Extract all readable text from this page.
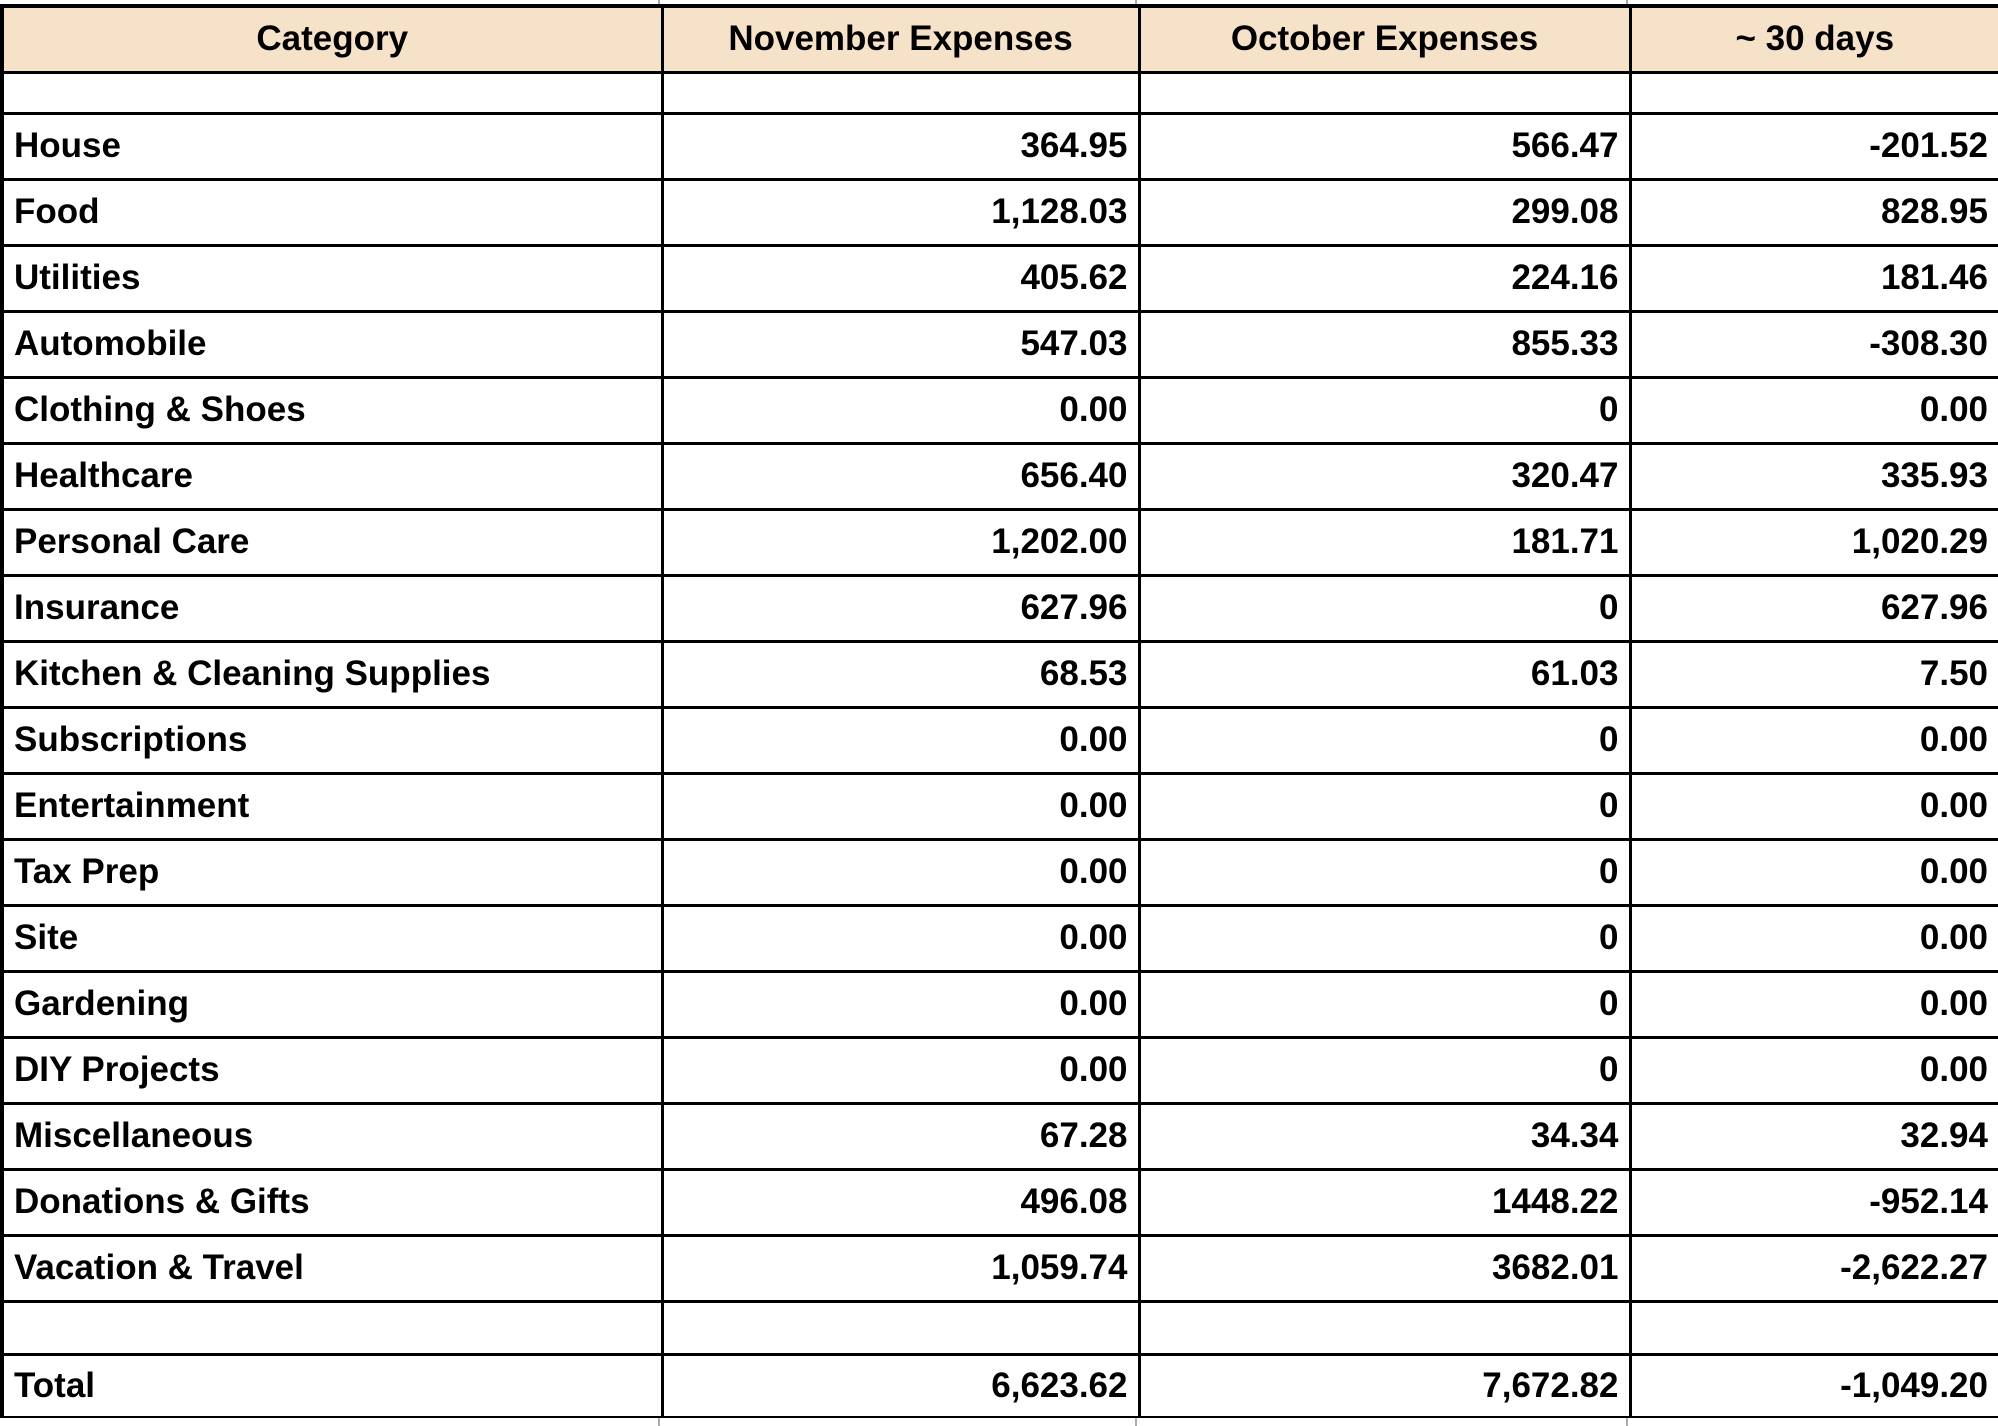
Category	November Expenses	October Expenses	~ 30 days

House	364.95	566.47	-201.52
Food	1,128.03	299.08	828.95
Utilities	405.62	224.16	181.46
Automobile	547.03	855.33	-308.30
Clothing & Shoes	0.00	0	0.00
Healthcare	656.40	320.47	335.93
Personal Care	1,202.00	181.71	1,020.29
Insurance	627.96	0	627.96
Kitchen & Cleaning Supplies	68.53	61.03	7.50
Subscriptions	0.00	0	0.00
Entertainment	0.00	0	0.00
Tax Prep	0.00	0	0.00
Site	0.00	0	0.00
Gardening	0.00	0	0.00
DIY Projects	0.00	0	0.00
Miscellaneous	67.28	34.34	32.94
Donations & Gifts	496.08	1448.22	-952.14
Vacation & Travel	1,059.74	3682.01	-2,622.27

Total	6,623.62	7,672.82	-1,049.20
